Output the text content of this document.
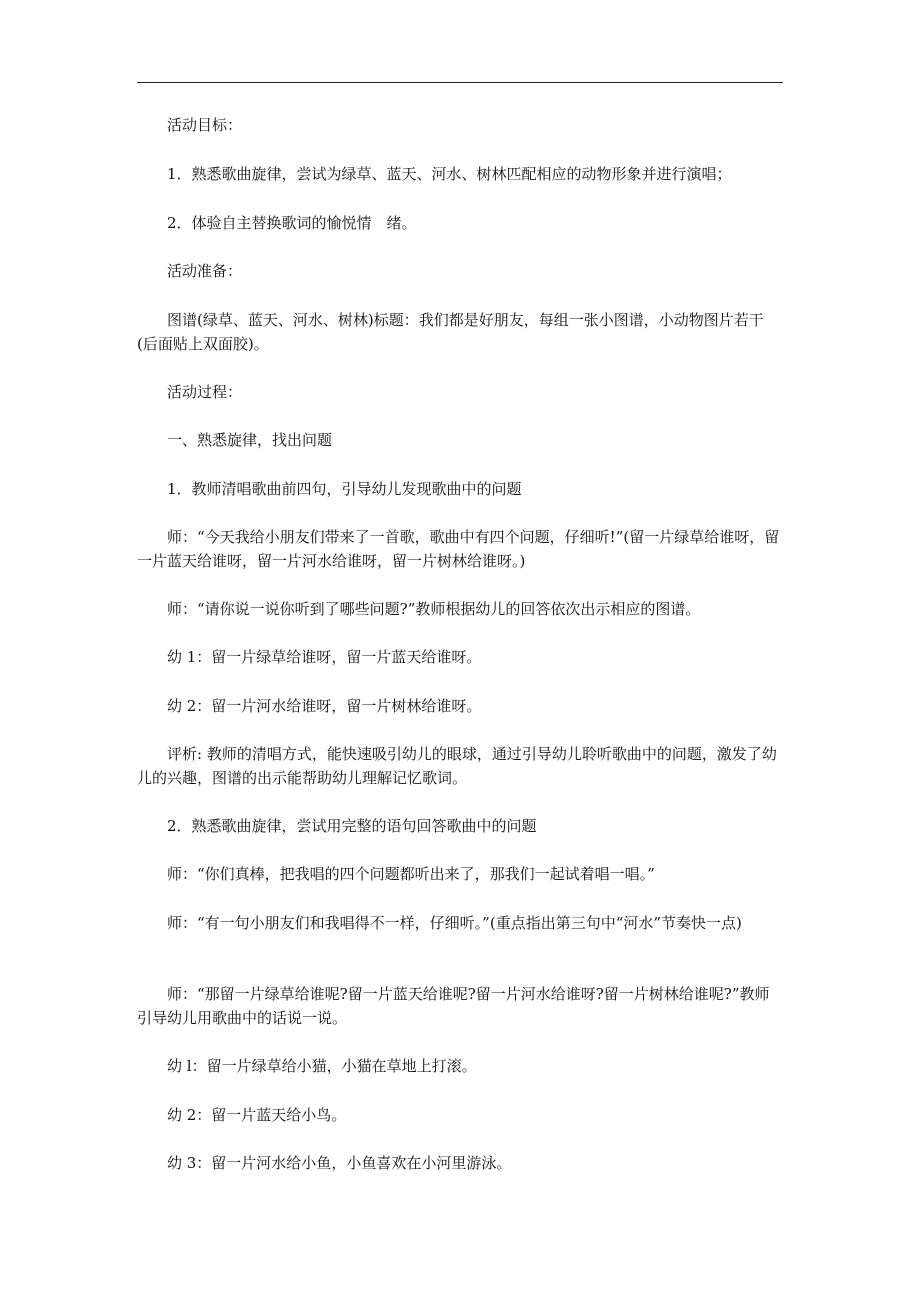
活动目标：
1．熟悉歌曲旋律，尝试为绿草、蓝天、河水、树林匹配相应的动物形象并进行演唱；
2．体验自主替换歌词的愉悦情　绪。
活动准备：
图谱(绿草、蓝天、河水、树林)标题：我们都是好朋友，每组一张小图谱，小动物图片若干(后面贴上双面胶)。
活动过程：
一、熟悉旋律，找出问题
1．教师清唱歌曲前四句，引导幼儿发现歌曲中的问题
师：“今天我给小朋友们带来了一首歌，歌曲中有四个问题，仔细听!”(留一片绿草给谁呀，留一片蓝天给谁呀，留一片河水给谁呀，留一片树林给谁呀。)
师：“请你说一说你听到了哪些问题?”教师根据幼儿的回答依次出示相应的图谱。
幼 1：留一片绿草给谁呀，留一片蓝天给谁呀。
幼 2：留一片河水给谁呀，留一片树林给谁呀。
评析: 教师的清唱方式，能快速吸引幼儿的眼球，通过引导幼儿聆听歌曲中的问题，激发了幼儿的兴趣，图谱的出示能帮助幼儿理解记忆歌词。
2．熟悉歌曲旋律，尝试用完整的语句回答歌曲中的问题
师：“你们真棒，把我唱的四个问题都听出来了，那我们一起试着唱一唱。”
师：“有一句小朋友们和我唱得不一样，仔细听。”(重点指出第三句中“河水”节奏快一点)
师：“那留一片绿草给谁呢?留一片蓝天给谁呢?留一片河水给谁呀?留一片树林给谁呢?”教师引导幼儿用歌曲中的话说一说。
幼 l：留一片绿草给小猫，小猫在草地上打滚。
幼 2：留一片蓝天给小鸟。
幼 3：留一片河水给小鱼，小鱼喜欢在小河里游泳。
